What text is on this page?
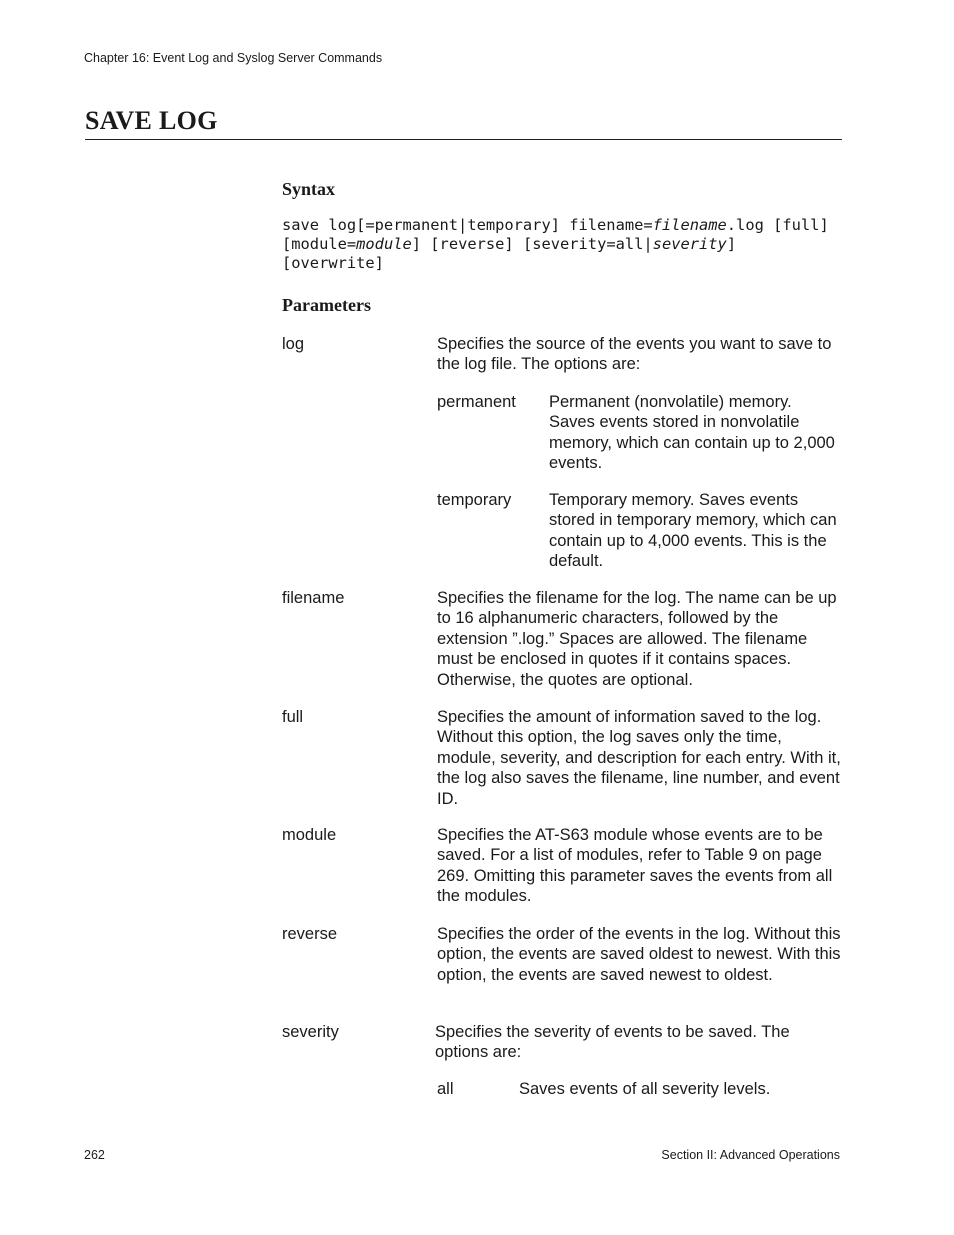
Chapter 16: Event Log and Syslog Server Commands
SAVE LOG
Syntax
save log[=permanent|temporary] filename=filename.log [full]
[module=module] [reverse] [severity=all|severity]
[overwrite]
Parameters
log	Specifies the source of the events you want to save to the log file. The options are:
permanent Permanent (nonvolatile) memory. Saves events stored in nonvolatile memory, which can contain up to 2,000 events.
temporary Temporary memory. Saves events stored in temporary memory, which can contain up to 4,000 events. This is the default.
filename	Specifies the filename for the log. The name can be up to 16 alphanumeric characters, followed by the extension ”.log.” Spaces are allowed. The filename must be enclosed in quotes if it contains spaces. Otherwise, the quotes are optional.
full	Specifies the amount of information saved to the log. Without this option, the log saves only the time, module, severity, and description for each entry. With it, the log also saves the filename, line number, and event ID.
module	Specifies the AT-S63 module whose events are to be saved. For a list of modules, refer to Table 9 on page 269. Omitting this parameter saves the events from all the modules.
reverse	Specifies the order of the events in the log. Without this option, the events are saved oldest to newest. With this option, the events are saved newest to oldest.
severity	Specifies the severity of events to be saved. The options are:
all	Saves events of all severity levels.
262	Section II: Advanced Operations
